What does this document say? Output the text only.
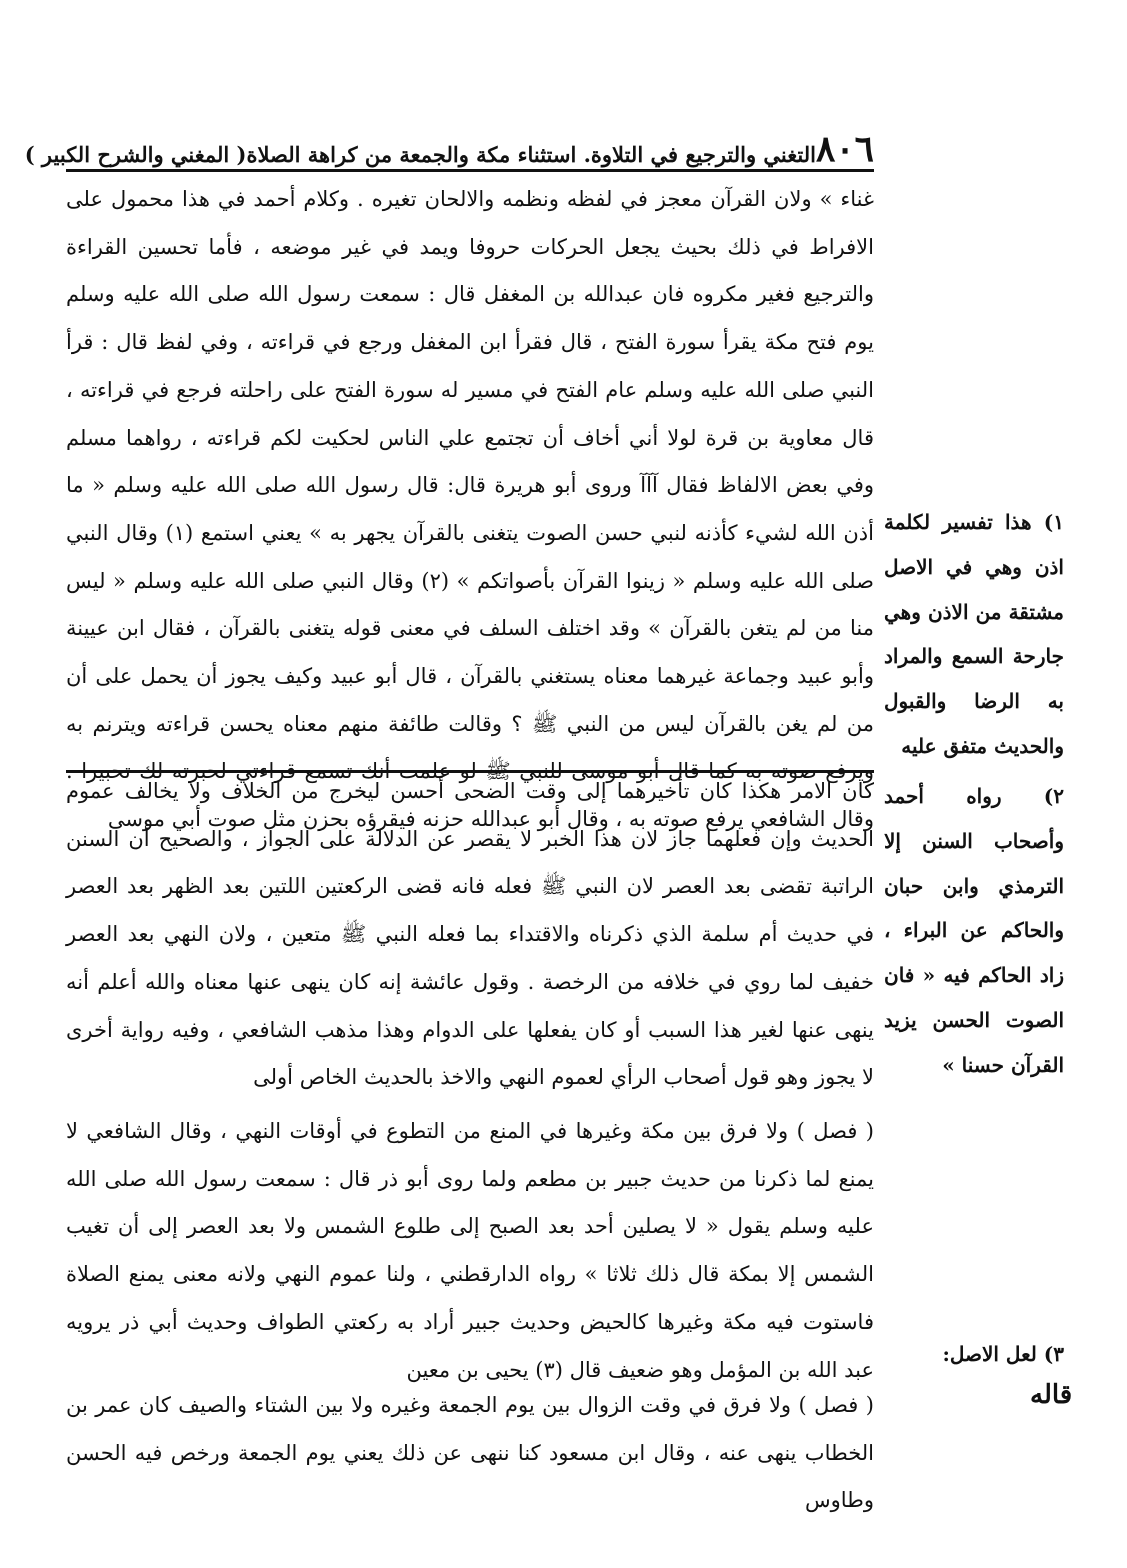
٨٠٦
التغني والترجيع في التلاوة. استثناء مكة والجمعة من كراهة الصلاة
( المغني والشرح الكبير )

غناء » ولان القرآن معجز في لفظه ونظمه والالحان تغيره . وكلام أحمد في هذا محمول على الافراط في ذلك بحيث يجعل الحركات حروفا ويمد في غير موضعه ، فأما تحسين القراءة والترجيع فغير مكروه فان عبدالله بن المغفل قال : سمعت رسول الله صلى الله عليه وسلم يوم فتح مكة يقرأ سورة الفتح ، قال فقرأ ابن المغفل ورجع في قراءته ، وفي لفظ قال : قرأ النبي صلى الله عليه وسلم عام الفتح في مسير له سورة الفتح على راحلته فرجع في قراءته ، قال معاوية بن قرة لولا أني أخاف أن تجتمع علي الناس لحكيت لكم قراءته ، رواهما مسلم وفي بعض الالفاظ فقال آآآ وروى أبو هريرة قال: قال رسول الله صلى الله عليه وسلم « ما أذن الله لشيء كأذنه لنبي حسن الصوت يتغنى بالقرآن يجهر به » يعني استمع (١) وقال النبي صلى الله عليه وسلم « زينوا القرآن بأصواتكم » (٢) وقال النبي صلى الله عليه وسلم « ليس منا من لم يتغن بالقرآن » وقد اختلف السلف في معنى قوله يتغنى بالقرآن ، فقال ابن عيينة وأبو عبيد وجماعة غيرهما معناه يستغني بالقرآن ، قال أبو عبيد وكيف يجوز أن يحمل على أن من لم يغن بالقرآن ليس من النبي ﷺ ؟ وقالت طائفة منهم معناه يحسن قراءته ويترنم به ويرفع صوته به كما قال أبو موسى للنبي ﷺ لو علمت أنك تسمع قراءتي لحبرته لك تحبيرا . وقال الشافعي يرفع صوته به ، وقال أبو عبدالله حزنه فيقرؤه بحزن مثل صوت أبي موسى

كان الامر هكذا كان تأخيرهما إلى وقت الضحى أحسن ليخرج من الخلاف ولا يخالف عموم الحديث وإن فعلهما جاز لان هذا الخبر لا يقصر عن الدلالة على الجواز ، والصحيح أن السنن الراتبة تقضى بعد العصر لان النبي ﷺ فعله فانه قضى الركعتين اللتين بعد الظهر بعد العصر في حديث أم سلمة الذي ذكرناه والاقتداء بما فعله النبي ﷺ متعين ، ولان النهي بعد العصر خفيف لما روي في خلافه من الرخصة . وقول عائشة إنه كان ينهى عنها معناه والله أعلم أنه ينهى عنها لغير هذا السبب أو كان يفعلها على الدوام وهذا مذهب الشافعي ، وفيه رواية أخرى لا يجوز وهو قول أصحاب الرأي لعموم النهي والاخذ بالحديث الخاص أولى

( فصل ) ولا فرق بين مكة وغيرها في المنع من التطوع في أوقات النهي ، وقال الشافعي لا يمنع لما ذكرنا من حديث جبير بن مطعم ولما روى أبو ذر قال : سمعت رسول الله صلى الله عليه وسلم يقول « لا يصلين أحد بعد الصبح إلى طلوع الشمس ولا بعد العصر إلى أن تغيب الشمس إلا بمكة قال ذلك ثلاثا » رواه الدارقطني ، ولنا عموم النهي ولانه معنى يمنع الصلاة فاستوت فيه مكة وغيرها كالحيض وحديث جبير أراد به ركعتي الطواف وحديث أبي ذر يرويه عبد الله بن المؤمل وهو ضعيف قال (٣) يحيى بن معين

( فصل ) ولا فرق في وقت الزوال بين يوم الجمعة وغيره ولا بين الشتاء والصيف كان عمر بن الخطاب ينهى عنه ، وقال ابن مسعود كنا ننهى عن ذلك يعني يوم الجمعة ورخص فيه الحسن وطاوس

١) هذا تفسير لكلمة اذن وهي في الاصل مشتقة من الاذن وهي جارحة السمع والمراد به الرضا والقبول والحديث متفق عليه

٢) رواه أحمد وأصحاب السنن إلا الترمذي وابن حبان والحاكم عن البراء ، زاد الحاكم فيه « فان الصوت الحسن يزيد القرآن حسنا »

٣) لعل الاصل:

قاله
